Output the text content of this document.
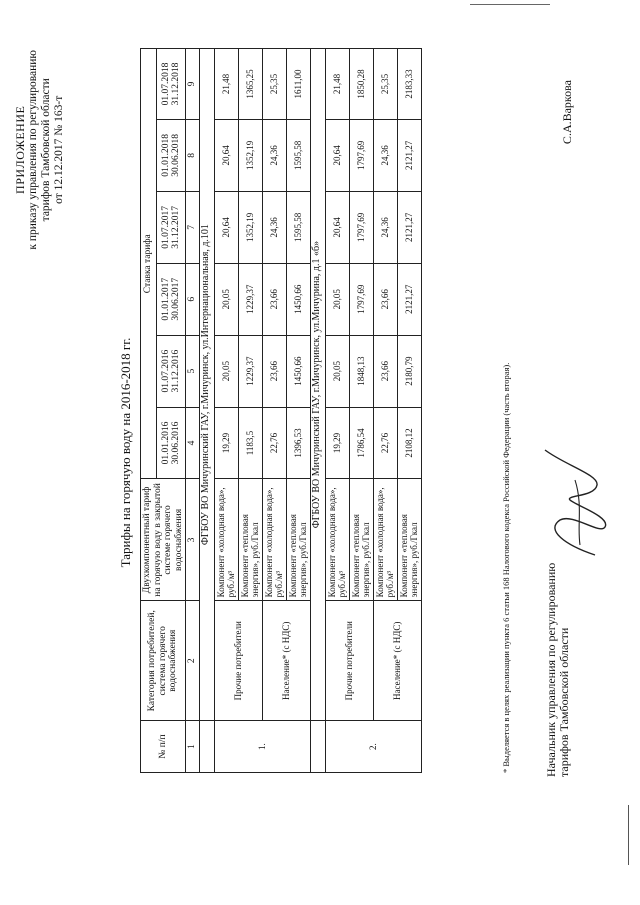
ПРИЛОЖЕНИЕ к приказу управления по регулированию тарифов Тамбовской области от 12.12.2017 № 163-т
Тарифы на горячую воду на 2016-2018 гг.
№ п/п	Категория потребителей, система горячего водоснабжения	Двухкомпонентный тариф на горячую воду в закрытой системе горячего водоснабжения	Ставка тарифа					
			01.01.2016 30.06.2016	01.07.2016 31.12.2016	01.01.2017 30.06.2017	01.07.2017 31.12.2017	01.01.2018 30.06.2018	01.07.2018 31.12.2018
1	2	3	4	5	6	7	8	9
	ФГБОУ ВО Мичуринский ГАУ, г.Мичуринск, ул.Интернациональная, д.101							
1.	Прочие потребители	Компонент «холодная вода», руб./м³	19,29	20,05	20,05	20,64	20,64	21,48
		Компонент «тепловая энергия», руб./Гкал	1183,5	1229,37	1229,37	1352,19	1352,19	1365,25
	Население* (с НДС)	Компонент «холодная вода», руб./м³	22,76	23,66	23,66	24,36	24,36	25,35
		Компонент «тепловая энергия», руб./Гкал	1396,53	1450,66	1450,66	1595,58	1595,58	1611,00
	ФГБОУ ВО Мичуринский ГАУ, г.Мичуринск, ул.Мичурина, д.1 «б»							
2.	Прочие потребители	Компонент «холодная вода», руб./м³	19,29	20,05	20,05	20,64	20,64	21,48
		Компонент «тепловая энергия», руб./Гкал	1786,54	1848,13	1797,69	1797,69	1797,69	1850,28
	Население* (с НДС)	Компонент «холодная вода», руб./м³	22,76	23,66	23,66	24,36	24,36	25,35
		Компонент «тепловая энергия», руб./Гкал	2108,12	2180,79	2121,27	2121,27	2121,27	2183,33
* Выделяется в целях реализации пункта 6 статьи 168 Налогового кодекса Российской Федерации (часть вторая).	Начальник управления по регулированию тарифов Тамбовской области
С.А.Варкова
